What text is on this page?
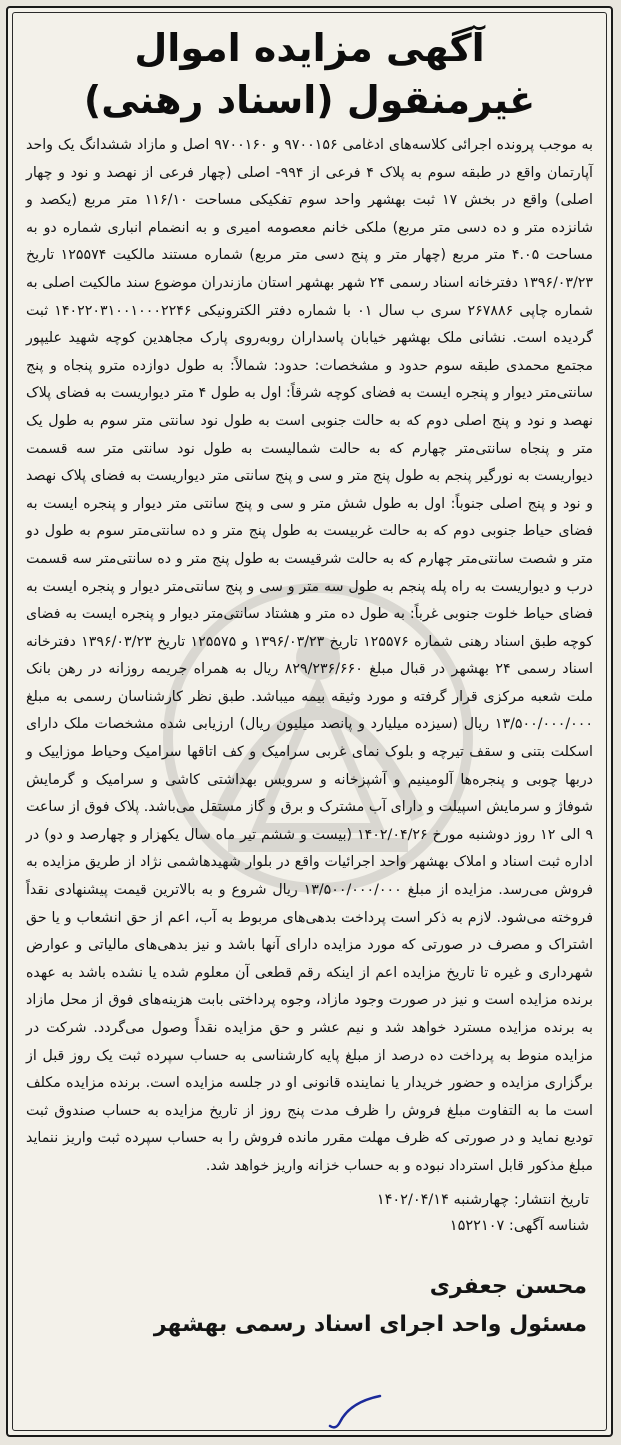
آگهی مزایده اموال
غیرمنقول (اسناد رهنی)
به موجب پرونده اجرائی کلاسه‌های ادغامی ۹۷۰۰۱۵۶ و ۹۷۰۰۱۶۰ اصل و مازاد ششدانگ یک واحد آپارتمان واقع در طبقه سوم به پلاک ۴ فرعی از ۹۹۴- اصلی (چهار فرعی از نهصد و نود و چهار اصلی) واقع در بخش ۱۷ ثبت بهشهر واحد سوم تفکیکی مساحت ۱۱۶/۱۰ متر مربع (یکصد و شانزده متر و ده دسی متر مربع) ملکی خانم معصومه امیری و به انضمام انباری شماره دو به مساحت ۴.۰۵ متر مربع (چهار متر و پنج دسی متر مربع) شماره مستند مالکیت ۱۲۵۵۷۴ تاریخ ۱۳۹۶/۰۳/۲۳ دفترخانه اسناد رسمی ۲۴ شهر بهشهر استان مازندران موضوع سند مالکیت اصلی به شماره چاپی ۲۶۷۸۸۶ سری ب سال ۰۱ با شماره دفتر الکترونیکی ۱۴۰۲۲۰۳۱۰۰۱۰۰۰۲۲۴۶ ثبت گردیده است. نشانی ملک بهشهر خیابان پاسداران روبه‌روی پارک مجاهدین کوچه شهید علیپور مجتمع محمدی طبقه سوم حدود و مشخصات: حدود: شمالاً: به طول دوازده مترو پنجاه و پنج سانتی‌متر دیوار و پنجره ایست به فضای کوچه شرقاً: اول به طول ۴ متر دیواریست به فضای پلاک نهصد و نود و پنج اصلی دوم که به حالت جنوبی است به طول نود سانتی متر سوم به طول یک متر و پنجاه سانتی‌متر چهارم که به حالت شمالیست به طول نود سانتی متر سه قسمت دیواریست به نورگیر پنجم به طول پنج متر و سی و پنج سانتی متر دیواریست به فضای پلاک نهصد و نود و پنج اصلی جنوباً: اول به طول شش متر و سی و پنج سانتی متر دیوار و پنجره ایست به فضای حیاط جنوبی دوم که به حالت غربیست به طول پنج متر و ده سانتی‌متر سوم به طول دو متر و شصت سانتی‌متر چهارم که به حالت شرقیست به طول پنج متر و ده سانتی‌متر سه قسمت درب و دیواریست به راه پله پنجم به طول سه متر و سی و پنج سانتی‌متر دیوار و پنجره ایست به فضای حیاط خلوت جنوبی غرباً: به طول ده متر و هشتاد سانتی‌متر دیوار و پنجره ایست به فضای کوچه طبق اسناد رهنی شماره ۱۲۵۵۷۶ تاریخ ۱۳۹۶/۰۳/۲۳ و ۱۲۵۵۷۵ تاریخ ۱۳۹۶/۰۳/۲۳ دفترخانه اسناد رسمی ۲۴ بهشهر در قبال مبلغ ۸۲۹/۲۳۶/۶۶۰ ریال به همراه جریمه روزانه در رهن بانک ملت شعبه مرکزی قرار گرفته و مورد وثیقه بیمه میباشد. طبق نظر کارشناسان رسمی به مبلغ ۱۳/۵۰۰/۰۰۰/۰۰۰ ریال (سیزده میلیارد و پانصد میلیون ریال) ارزیابی شده مشخصات ملک دارای اسکلت بتنی و سقف تیرچه و بلوک نمای غربی سرامیک و کف اتاقها سرامیک وحیاط موزاییک و دربها چوبی و پنجره‌ها آلومینیم و آشپزخانه و سرویس بهداشتی کاشی و سرامیک و گرمایش شوفاژ و سرمایش اسپیلت و دارای آب مشترک و برق و گاز مستقل می‌باشد. پلاک فوق از ساعت ۹ الی ۱۲ روز دوشنبه مورخ ۱۴۰۲/۰۴/۲۶ (بیست و ششم تیر ماه سال یکهزار و چهارصد و دو) در اداره ثبت اسناد و املاک بهشهر واحد اجرائیات واقع در بلوار شهیدهاشمی نژاد از طریق مزایده به فروش می‌رسد. مزایده از مبلغ ۱۳/۵۰۰/۰۰۰/۰۰۰ ریال شروع و به بالاترین قیمت پیشنهادی نقداً فروخته می‌شود. لازم به ذکر است پرداخت بدهی‌های مربوط به آب، اعم از حق انشعاب و یا حق اشتراک و مصرف در صورتی که مورد مزایده دارای آنها باشد و نیز بدهی‌های مالیاتی و عوارض شهرداری و غیره تا تاریخ مزایده اعم از اینکه رقم قطعی آن معلوم شده یا نشده باشد به عهده برنده مزایده است و نیز در صورت وجود مازاد، وجوه پرداختی بابت هزینه‌های فوق از محل مازاد به برنده مزایده مسترد خواهد شد و نیم عشر و حق مزایده نقداً وصول می‌گردد. شرکت در مزایده منوط به پرداخت ده درصد از مبلغ پایه کارشناسی به حساب سپرده ثبت یک روز قبل از برگزاری مزایده و حضور خریدار یا نماینده قانونی او در جلسه مزایده است. برنده مزایده مکلف است ما به التفاوت مبلغ فروش را ظرف مدت پنج روز از تاریخ مزایده به حساب صندوق ثبت تودیع نماید و در صورتی که ظرف مهلت مقرر مانده فروش را به حساب سپرده ثبت واریز ننماید مبلغ مذکور قابل استرداد نبوده و به حساب خزانه واریز خواهد شد.
تاریخ انتشار: چهارشنبه ۱۴۰۲/۰۴/۱۴
شناسه آگهی: ۱۵۲۲۱۰۷
محسن جعفری
مسئول واحد اجرای اسناد رسمی بهشهر
